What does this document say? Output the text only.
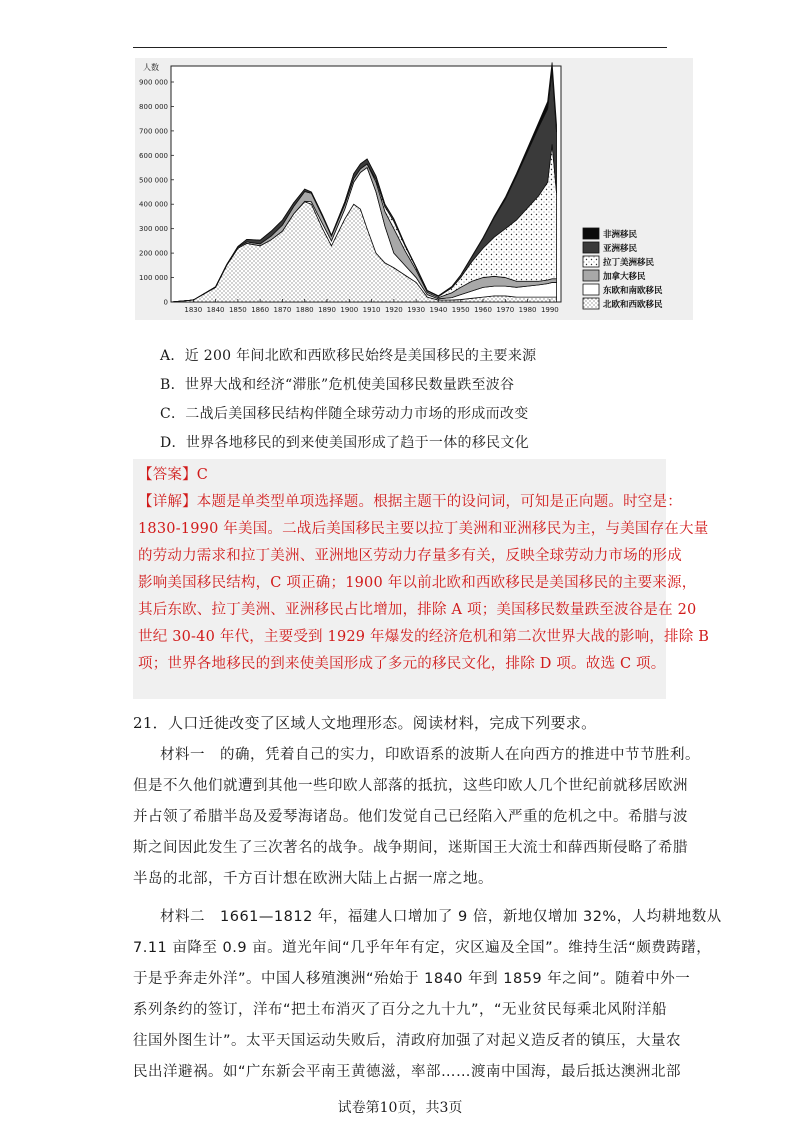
900 000
800 000
700 000
600 000
500 000
400 000
300 000
200 000
100 000
0
1830 1840 1850 1860 1870 1880 1890 1900 1910 1920 1930 1940 1950 1960 1970 1980 1990
人数
非洲移民
亚洲移民
拉丁美洲移民
加拿大移民
东欧和南欧移民
北欧和西欧移民
A．近 200 年间北欧和西欧移民始终是美国移民的主要来源
B．世界大战和经济“滞胀”危机使美国移民数量跌至波谷
C．二战后美国移民结构伴随全球劳动力市场的形成而改变
D．世界各地移民的到来使美国形成了趋于一体的移民文化
【答案】C
【详解】本题是单类型单项选择题。根据主题干的设问词，可知是正向题。时空是：
1830-1990 年美国。二战后美国移民主要以拉丁美洲和亚洲移民为主，与美国存在大量
的劳动力需求和拉丁美洲、亚洲地区劳动力存量多有关，反映全球劳动力市场的形成
影响美国移民结构，C 项正确；1900 年以前北欧和西欧移民是美国移民的主要来源，
其后东欧、拉丁美洲、亚洲移民占比增加，排除 A 项；美国移民数量跌至波谷是在 20
世纪 30-40 年代，主要受到 1929 年爆发的经济危机和第二次世界大战的影响，排除 B
项；世界各地移民的到来使美国形成了多元的移民文化，排除 D 项。故选 C 项。
21．人口迁徙改变了区域人文地理形态。阅读材料，完成下列要求。
材料一　的确，凭着自己的实力，印欧语系的波斯人在向西方的推进中节节胜利。
但是不久他们就遭到其他一些印欧人部落的抵抗，这些印欧人几个世纪前就移居欧洲
并占领了希腊半岛及爱琴海诸岛。他们发觉自己已经陷入严重的危机之中。希腊与波
斯之间因此发生了三次著名的战争。战争期间，迷斯国王大流士和薛西斯侵略了希腊
半岛的北部，千方百计想在欧洲大陆上占据一席之地。
材料二　1661—1812 年，福建人口增加了 9 倍，新地仅增加 32%，人均耕地数从
7.11 亩降至 0.9 亩。道光年间“几乎年年有定，灾区遍及全国”。维持生活“颇费踌躇，
于是乎奔走外洋”。中国人移殖澳洲“殆始于 1840 年到 1859 年之间”。随着中外一
系列条约的签订，洋布“把土布消灭了百分之九十九”，“无业贫民每乘北风附洋船
往国外图生计”。太平天国运动失败后，清政府加强了对起义造反者的镇压，大量农
民出洋避祸。如“广东新会平南王黄德滋，率部……渡南中国海，最后抵达澳洲北部
试卷第10页，共3页
